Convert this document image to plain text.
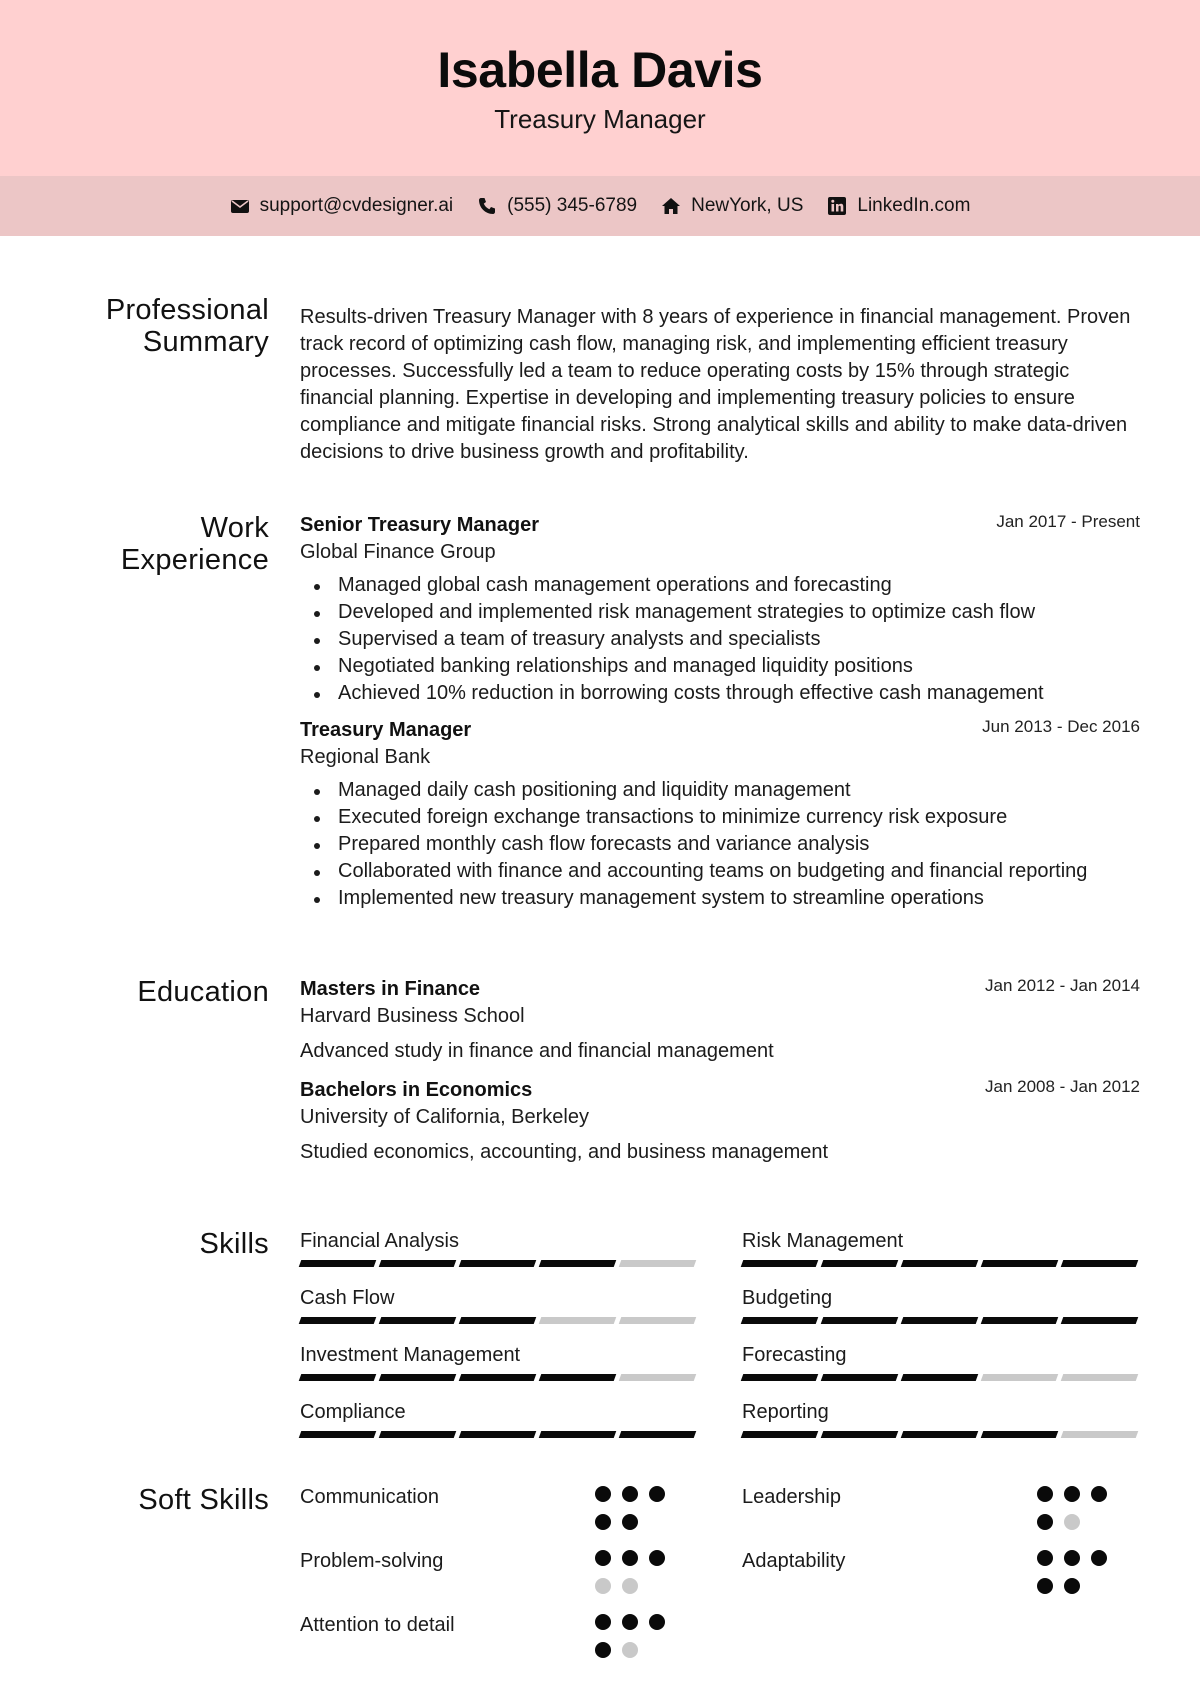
Isabella Davis
Treasury Manager
support@cvdesigner.ai	(555) 345-6789	NewYork, US	LinkedIn.com
Professional
Summary
Results-driven Treasury Manager with 8 years of experience in financial management. Proven track record of optimizing cash flow, managing risk, and implementing efficient treasury processes. Successfully led a team to reduce operating costs by 15% through strategic financial planning. Expertise in developing and implementing treasury policies to ensure compliance and mitigate financial risks. Strong analytical skills and ability to make data-driven decisions to drive business growth and profitability.
Work
Experience
Senior Treasury Manager	Jan 2017 - Present
Global Finance Group
Managed global cash management operations and forecasting
Developed and implemented risk management strategies to optimize cash flow
Supervised a team of treasury analysts and specialists
Negotiated banking relationships and managed liquidity positions
Achieved 10% reduction in borrowing costs through effective cash management
Treasury Manager	Jun 2013 - Dec 2016
Regional Bank
Managed daily cash positioning and liquidity management
Executed foreign exchange transactions to minimize currency risk exposure
Prepared monthly cash flow forecasts and variance analysis
Collaborated with finance and accounting teams on budgeting and financial reporting
Implemented new treasury management system to streamline operations
Education Masters in Finance	Jan 2012 - Jan 2014
Harvard Business School
Advanced study in finance and financial management
Bachelors in Economics	Jan 2008 - Jan 2012
University of California, Berkeley
Studied economics, accounting, and business management
Skills Financial Analysis	Risk Management
Cash Flow	Budgeting
Investment Management	Forecasting
Compliance	Reporting
Soft Skills Communication	Leadership
Problem-solving	Adaptability
Attention to detail
